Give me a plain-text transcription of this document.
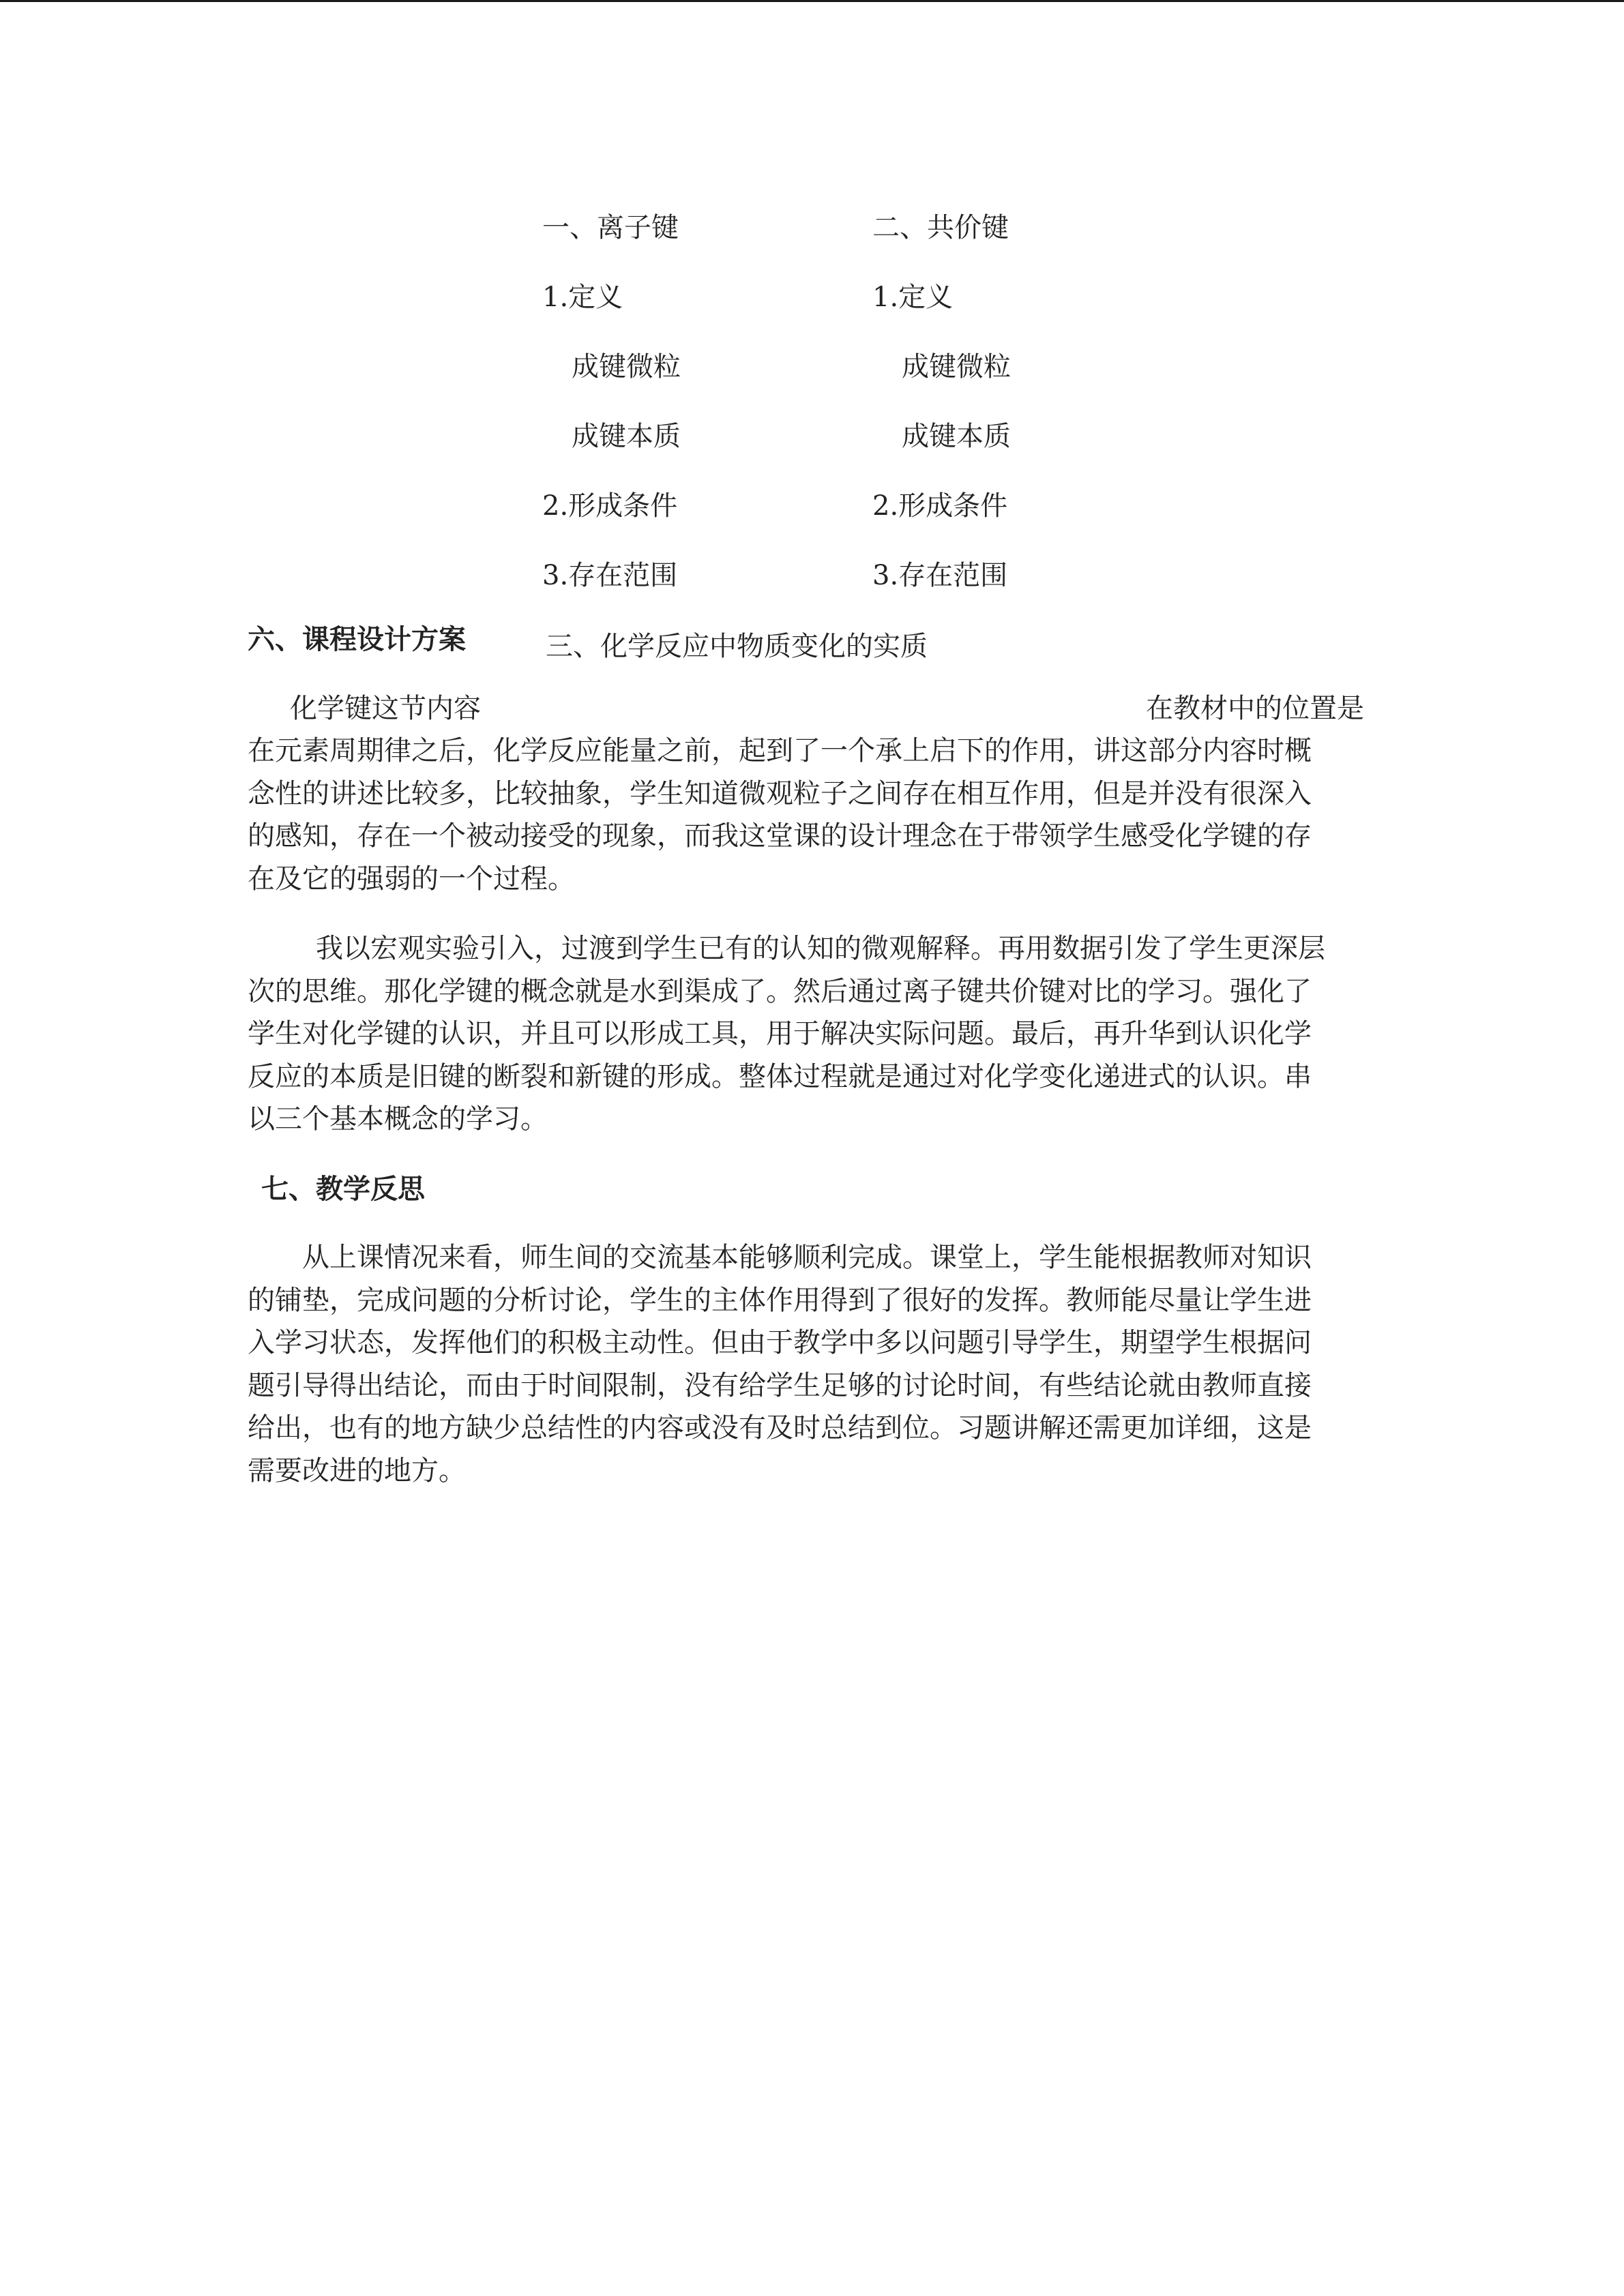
一、离子键
1.定义
成键微粒
成键本质
2.形成条件
3.存在范围
二、共价键
1.定义
成键微粒
成键本质
2.形成条件
3.存在范围
六、课程设计方案	三、化学反应中物质变化的实质
化学键这节内容	在教材中的位置是
在元素周期律之后，化学反应能量之前，起到了一个承上启下的作用，讲这部分内容时概
念性的讲述比较多，比较抽象，学生知道微观粒子之间存在相互作用，但是并没有很深入
的感知，存在一个被动接受的现象，而我这堂课的设计理念在于带领学生感受化学键的存
在及它的强弱的一个过程。
我以宏观实验引入，过渡到学生已有的认知的微观解释。再用数据引发了学生更深层
次的思维。那化学键的概念就是水到渠成了。然后通过离子键共价键对比的学习。强化了
学生对化学键的认识，并且可以形成工具，用于解决实际问题。最后，再升华到认识化学
反应的本质是旧键的断裂和新键的形成。整体过程就是通过对化学变化递进式的认识。串
以三个基本概念的学习。
七、教学反思
从上课情况来看，师生间的交流基本能够顺利完成。课堂上，学生能根据教师对知识
的铺垫，完成问题的分析讨论，学生的主体作用得到了很好的发挥。教师能尽量让学生进
入学习状态，发挥他们的积极主动性。但由于教学中多以问题引导学生，期望学生根据问
题引导得出结论，而由于时间限制，没有给学生足够的讨论时间，有些结论就由教师直接
给出，也有的地方缺少总结性的内容或没有及时总结到位。习题讲解还需更加详细，这是
需要改进的地方。
